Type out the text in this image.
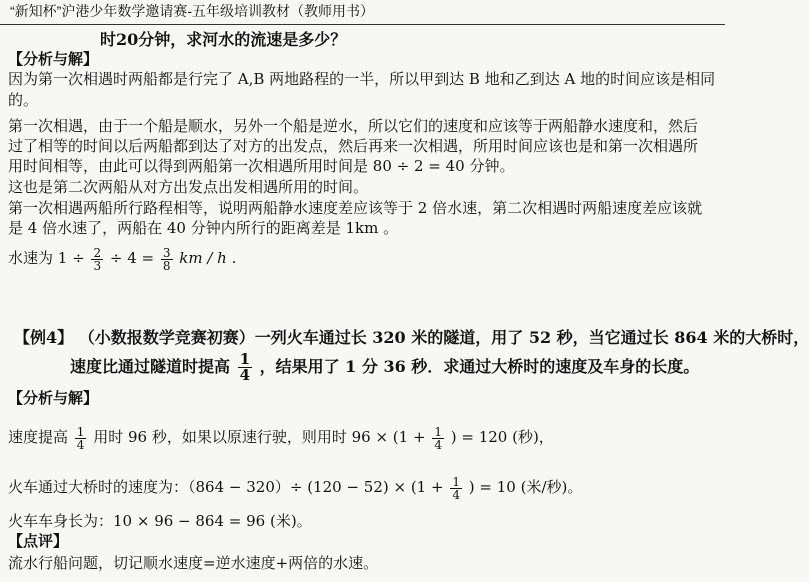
“新知杯”沪港少年数学邀请赛-五年级培训教材（教师用书）
时20分钟，求河水的流速是多少？
【分析与解】
因为第一次相遇时两船都是行完了 A,B 两地路程的一半，所以甲到达 B 地和乙到达 A 地的时间应该是相同
的。
第一次相遇，由于一个船是顺水，另外一个船是逆水，所以它们的速度和应该等于两船静水速度和，然后
过了相等的时间以后两船都到达了对方的出发点，然后再来一次相遇，所用时间应该也是和第一次相遇所
用时间相等，由此可以得到两船第一次相遇所用时间是 80 ÷ 2 = 40 分钟。
这也是第二次两船从对方出发点出发相遇所用的时间。
第一次相遇两船所行路程相等，说明两船静水速度差应该等于 2 倍水速，第二次相遇时两船速度差应该就
是 4 倍水速了，两船在 40 分钟内所行的距离差是 1km 。
水速为 $1 \div \frac{2}{3} \div 4 = \frac{3}{8}$ km / h .
【例4】 （小数报数学竞赛初赛）一列火车通过长 320 米的隧道，用了 52 秒，当它通过长 864 米的大桥时，
速度比通过隧道时提高 $\frac{1}{4}$ ，结果用了 1 分 36 秒．求通过大桥时的速度及车身的长度。
【分析与解】
速度提高 $\frac{1}{4}$ 用时 96 秒，如果以原速行驶，则用时 $96 \times (1 + \frac{1}{4}$ ) = 120 (秒)，
火车通过大桥时的速度为：$(864 - 320)\div (120 - 52) \times (1 + \frac{1}{4}$ ) = 10 (米/秒)。
火车车身长为：10 × 96 − 864 = 96 (米)。
【点评】
流水行船问题，切记顺水速度=逆水速度+两倍的水速。
